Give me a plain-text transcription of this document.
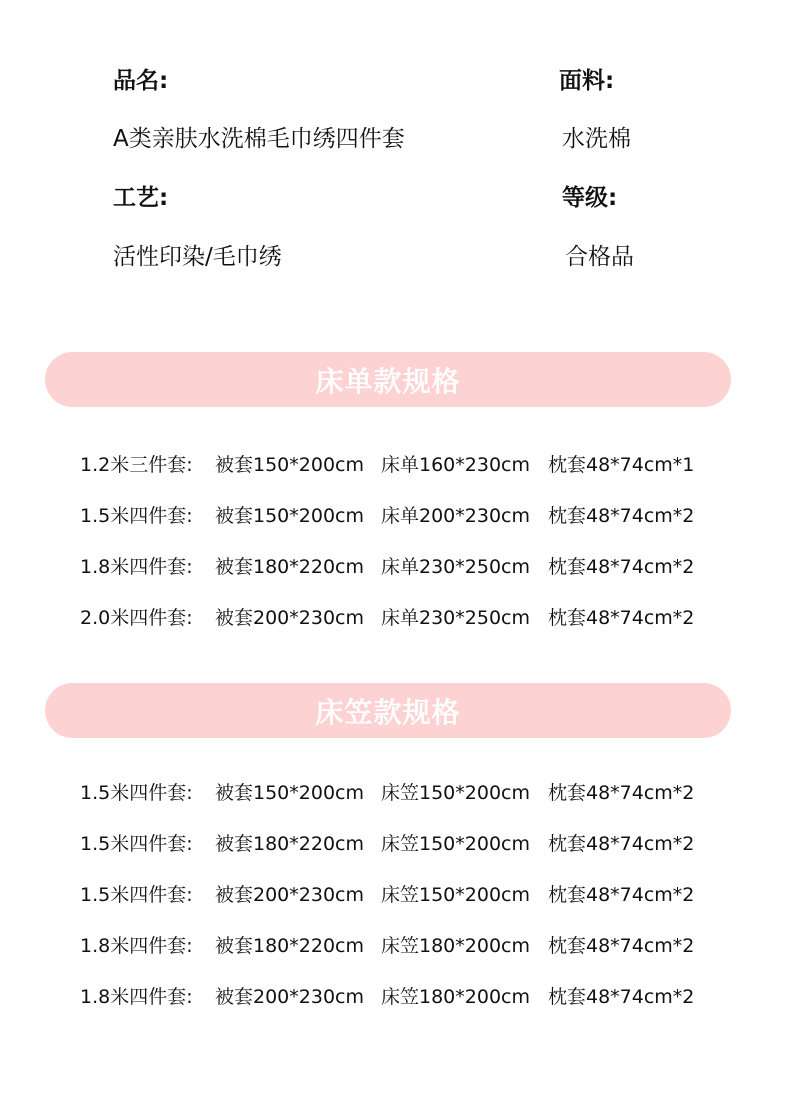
品名:	面料:
A类亲肤水洗棉毛巾绣四件套	水洗棉
工艺:	等级:
活性印染/毛巾绣	合格品
床单款规格
1.2米三件套:	被套150*200cm 床单160*230cm 枕套48*74cm*1
1.5米四件套:	被套150*200cm 床单200*230cm 枕套48*74cm*2
1.8米四件套:	被套180*220cm 床单230*250cm 枕套48*74cm*2
2.0米四件套:	被套200*230cm 床单230*250cm 枕套48*74cm*2
床笠款规格
1.5米四件套:	被套150*200cm 床笠150*200cm 枕套48*74cm*2
1.5米四件套:	被套180*220cm 床笠150*200cm 枕套48*74cm*2
1.5米四件套:	被套200*230cm 床笠150*200cm 枕套48*74cm*2
1.8米四件套:	被套180*220cm 床笠180*200cm 枕套48*74cm*2
1.8米四件套:	被套200*230cm 床笠180*200cm 枕套48*74cm*2
